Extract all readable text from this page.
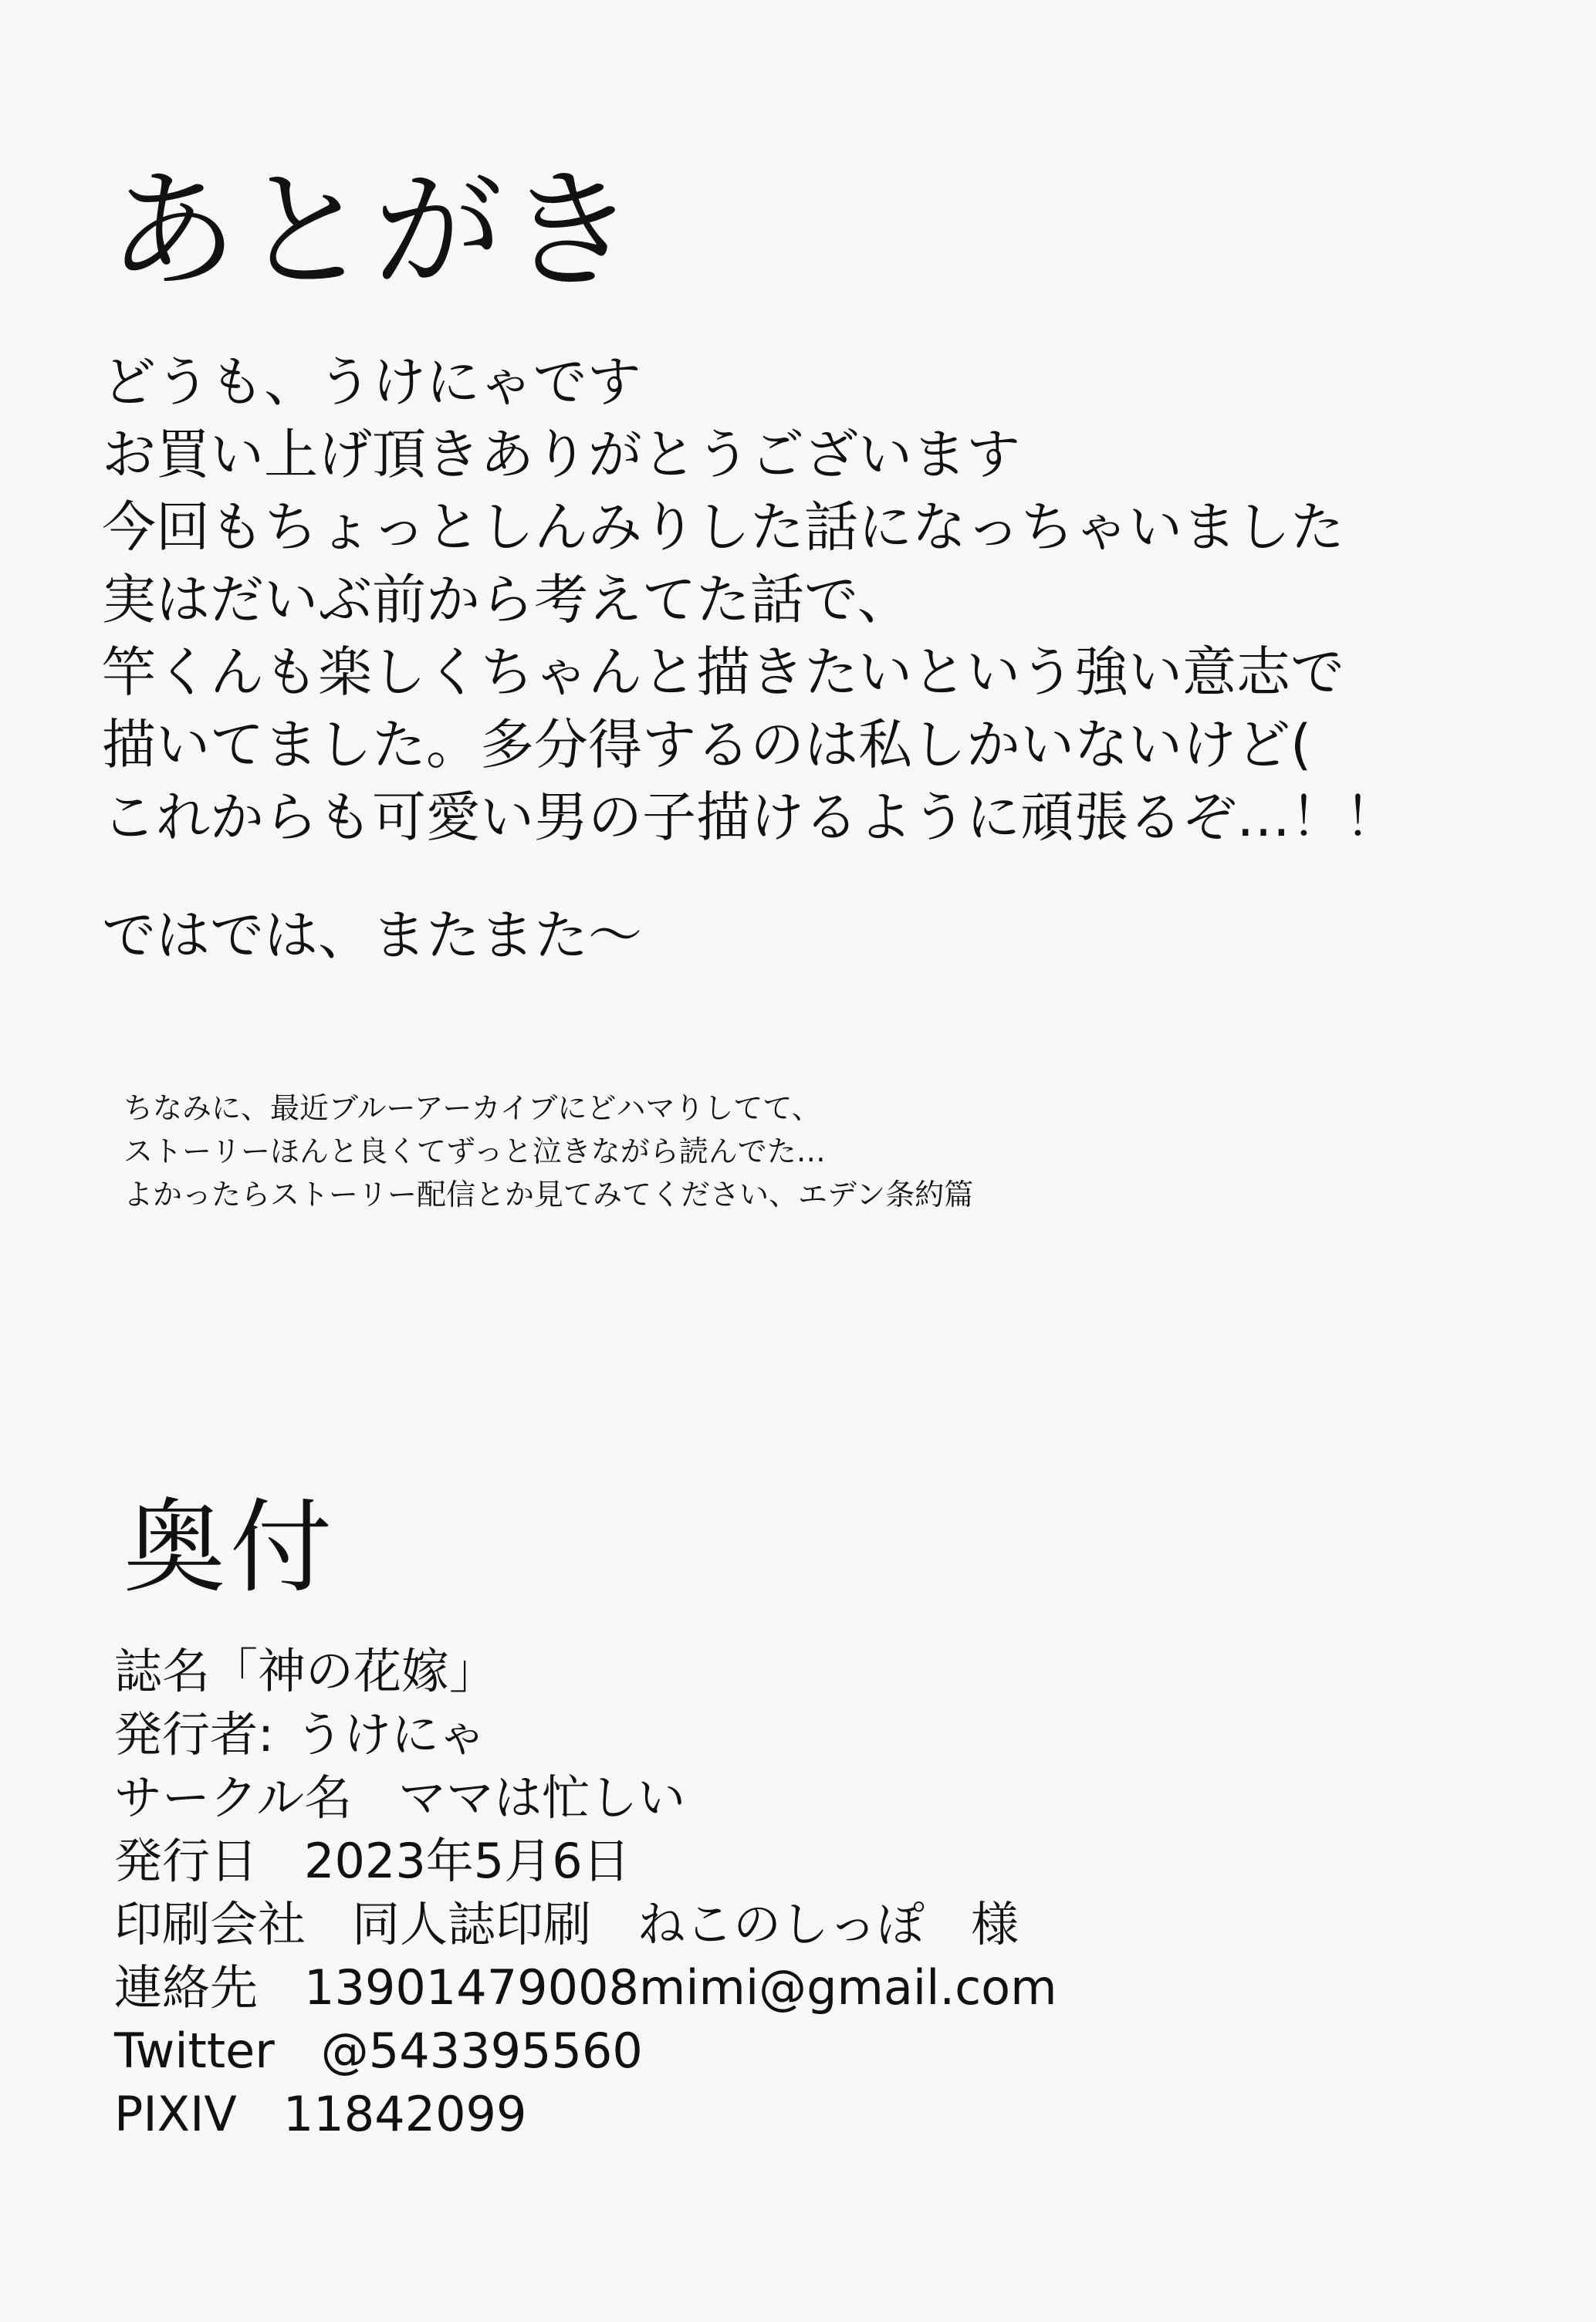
あとがき
どうも、うけにゃです
お買い上げ頂きありがとうございます
今回もちょっとしんみりした話になっちゃいました
実はだいぶ前から考えてた話で、
竿くんも楽しくちゃんと描きたいという強い意志で
描いてました。多分得するのは私しかいないけど(
これからも可愛い男の子描けるように頑張るぞ…！！
ではでは、またまた～
ちなみに、最近ブルーアーカイブにどハマりしてて、
ストーリーほんと良くてずっと泣きながら読んでた…
よかったらストーリー配信とか見てみてください、エデン条約篇
奥付
誌名「神の花嫁」
発行者: うけにゃ
サークル名 ママは忙しい
発行日 2023年5月6日
印刷会社 同人誌印刷 ねこのしっぽ 様
連絡先 13901479008mimi@gmail.com
Twitter @543395560
PIXIV 11842099
